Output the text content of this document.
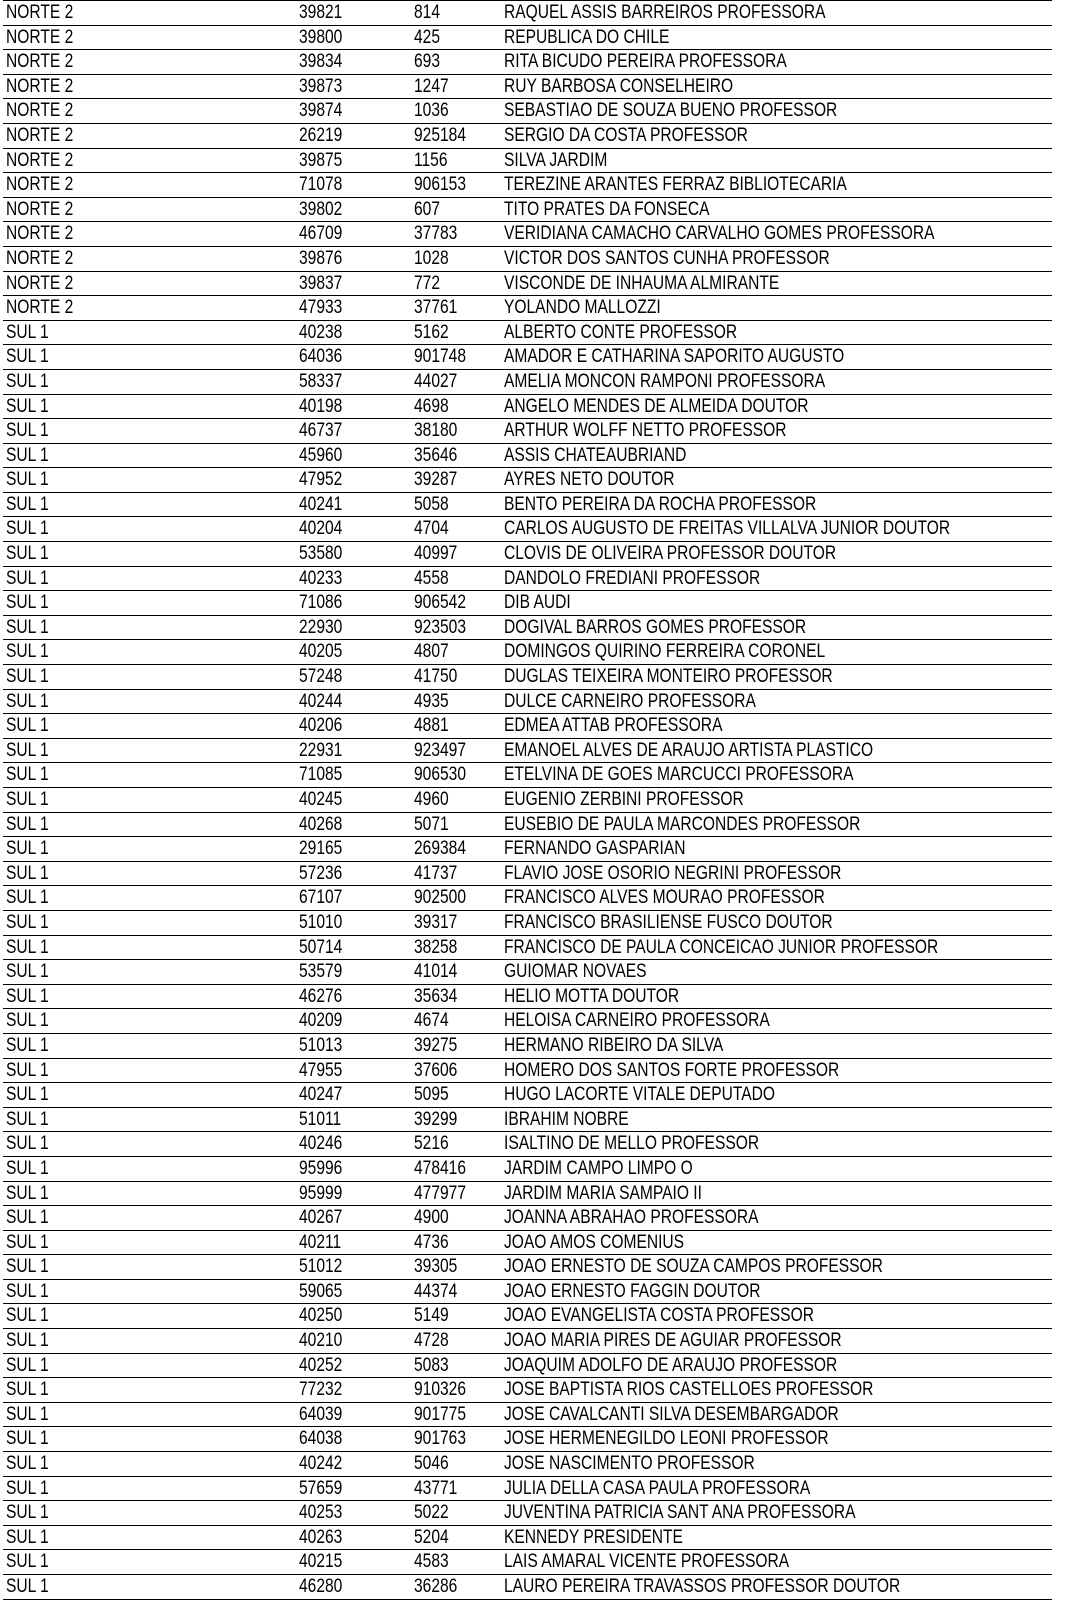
NORTE 2	39821	814	RAQUEL ASSIS BARREIROS PROFESSORA
NORTE 2	39800	425	REPUBLICA DO CHILE
NORTE 2	39834	693	RITA BICUDO PEREIRA PROFESSORA
NORTE 2	39873	1247	RUY BARBOSA CONSELHEIRO
NORTE 2	39874	1036	SEBASTIAO DE SOUZA BUENO PROFESSOR
NORTE 2	26219	925184 SERGIO DA COSTA PROFESSOR
NORTE 2	39875	1156	SILVA JARDIM
NORTE 2	71078	906153 TEREZINE ARANTES FERRAZ BIBLIOTECARIA
NORTE 2	39802	607	TITO PRATES DA FONSECA
NORTE 2	46709	37783 VERIDIANA CAMACHO CARVALHO GOMES PROFESSORA
NORTE 2	39876	1028	VICTOR DOS SANTOS CUNHA PROFESSOR
NORTE 2	39837	772	VISCONDE DE INHAUMA ALMIRANTE
NORTE 2	47933	37761 YOLANDO MALLOZZI
SUL 1	40238	5162	ALBERTO CONTE PROFESSOR
SUL 1	64036	901748 AMADOR E CATHARINA SAPORITO AUGUSTO
SUL 1	58337	44027 AMELIA MONCON RAMPONI PROFESSORA
SUL 1	40198	4698	ANGELO MENDES DE ALMEIDA DOUTOR
SUL 1	46737	38180 ARTHUR WOLFF NETTO PROFESSOR
SUL 1	45960	35646 ASSIS CHATEAUBRIAND
SUL 1	47952	39287 AYRES NETO DOUTOR
SUL 1	40241	5058	BENTO PEREIRA DA ROCHA PROFESSOR
SUL 1	40204	4704	CARLOS AUGUSTO DE FREITAS VILLALVA JUNIOR DOUTOR
SUL 1	53580	40997 CLOVIS DE OLIVEIRA PROFESSOR DOUTOR
SUL 1	40233	4558	DANDOLO FREDIANI PROFESSOR
SUL 1	71086	906542 DIB AUDI
SUL 1	22930	923503 DOGIVAL BARROS GOMES PROFESSOR
SUL 1	40205	4807	DOMINGOS QUIRINO FERREIRA CORONEL
SUL 1	57248	41750 DUGLAS TEIXEIRA MONTEIRO PROFESSOR
SUL 1	40244	4935	DULCE CARNEIRO PROFESSORA
SUL 1	40206	4881	EDMEA ATTAB PROFESSORA
SUL 1	22931	923497 EMANOEL ALVES DE ARAUJO ARTISTA PLASTICO
SUL 1	71085	906530 ETELVINA DE GOES MARCUCCI PROFESSORA
SUL 1	40245	4960	EUGENIO ZERBINI PROFESSOR
SUL 1	40268	5071	EUSEBIO DE PAULA MARCONDES PROFESSOR
SUL 1	29165	269384 FERNANDO GASPARIAN
SUL 1	57236	41737 FLAVIO JOSE OSORIO NEGRINI PROFESSOR
SUL 1	67107	902500 FRANCISCO ALVES MOURAO PROFESSOR
SUL 1	51010	39317 FRANCISCO BRASILIENSE FUSCO DOUTOR
SUL 1	50714	38258 FRANCISCO DE PAULA CONCEICAO JUNIOR PROFESSOR
SUL 1	53579	41014 GUIOMAR NOVAES
SUL 1	46276	35634 HELIO MOTTA DOUTOR
SUL 1	40209	4674	HELOISA CARNEIRO PROFESSORA
SUL 1	51013	39275 HERMANO RIBEIRO DA SILVA
SUL 1	47955	37606 HOMERO DOS SANTOS FORTE PROFESSOR
SUL 1	40247	5095	HUGO LACORTE VITALE DEPUTADO
SUL 1	51011	39299 IBRAHIM NOBRE
SUL 1	40246	5216	ISALTINO DE MELLO PROFESSOR
SUL 1	95996	478416 JARDIM CAMPO LIMPO O
SUL 1	95999	477977 JARDIM MARIA SAMPAIO II
SUL 1	40267	4900	JOANNA ABRAHAO PROFESSORA
SUL 1	40211	4736	JOAO AMOS COMENIUS
SUL 1	51012	39305 JOAO ERNESTO DE SOUZA CAMPOS PROFESSOR
SUL 1	59065	44374 JOAO ERNESTO FAGGIN DOUTOR
SUL 1	40250	5149	JOAO EVANGELISTA COSTA PROFESSOR
SUL 1	40210	4728	JOAO MARIA PIRES DE AGUIAR PROFESSOR
SUL 1	40252	5083	JOAQUIM ADOLFO DE ARAUJO PROFESSOR
SUL 1	77232	910326 JOSE BAPTISTA RIOS CASTELLOES PROFESSOR
SUL 1	64039	901775 JOSE CAVALCANTI SILVA DESEMBARGADOR
SUL 1	64038	901763 JOSE HERMENEGILDO LEONI PROFESSOR
SUL 1	40242	5046	JOSE NASCIMENTO PROFESSOR
SUL 1	57659	43771 JULIA DELLA CASA PAULA PROFESSORA
SUL 1	40253	5022	JUVENTINA PATRICIA SANT ANA PROFESSORA
SUL 1	40263	5204	KENNEDY PRESIDENTE
SUL 1	40215	4583	LAIS AMARAL VICENTE PROFESSORA
SUL 1	46280	36286 LAURO PEREIRA TRAVASSOS PROFESSOR DOUTOR
